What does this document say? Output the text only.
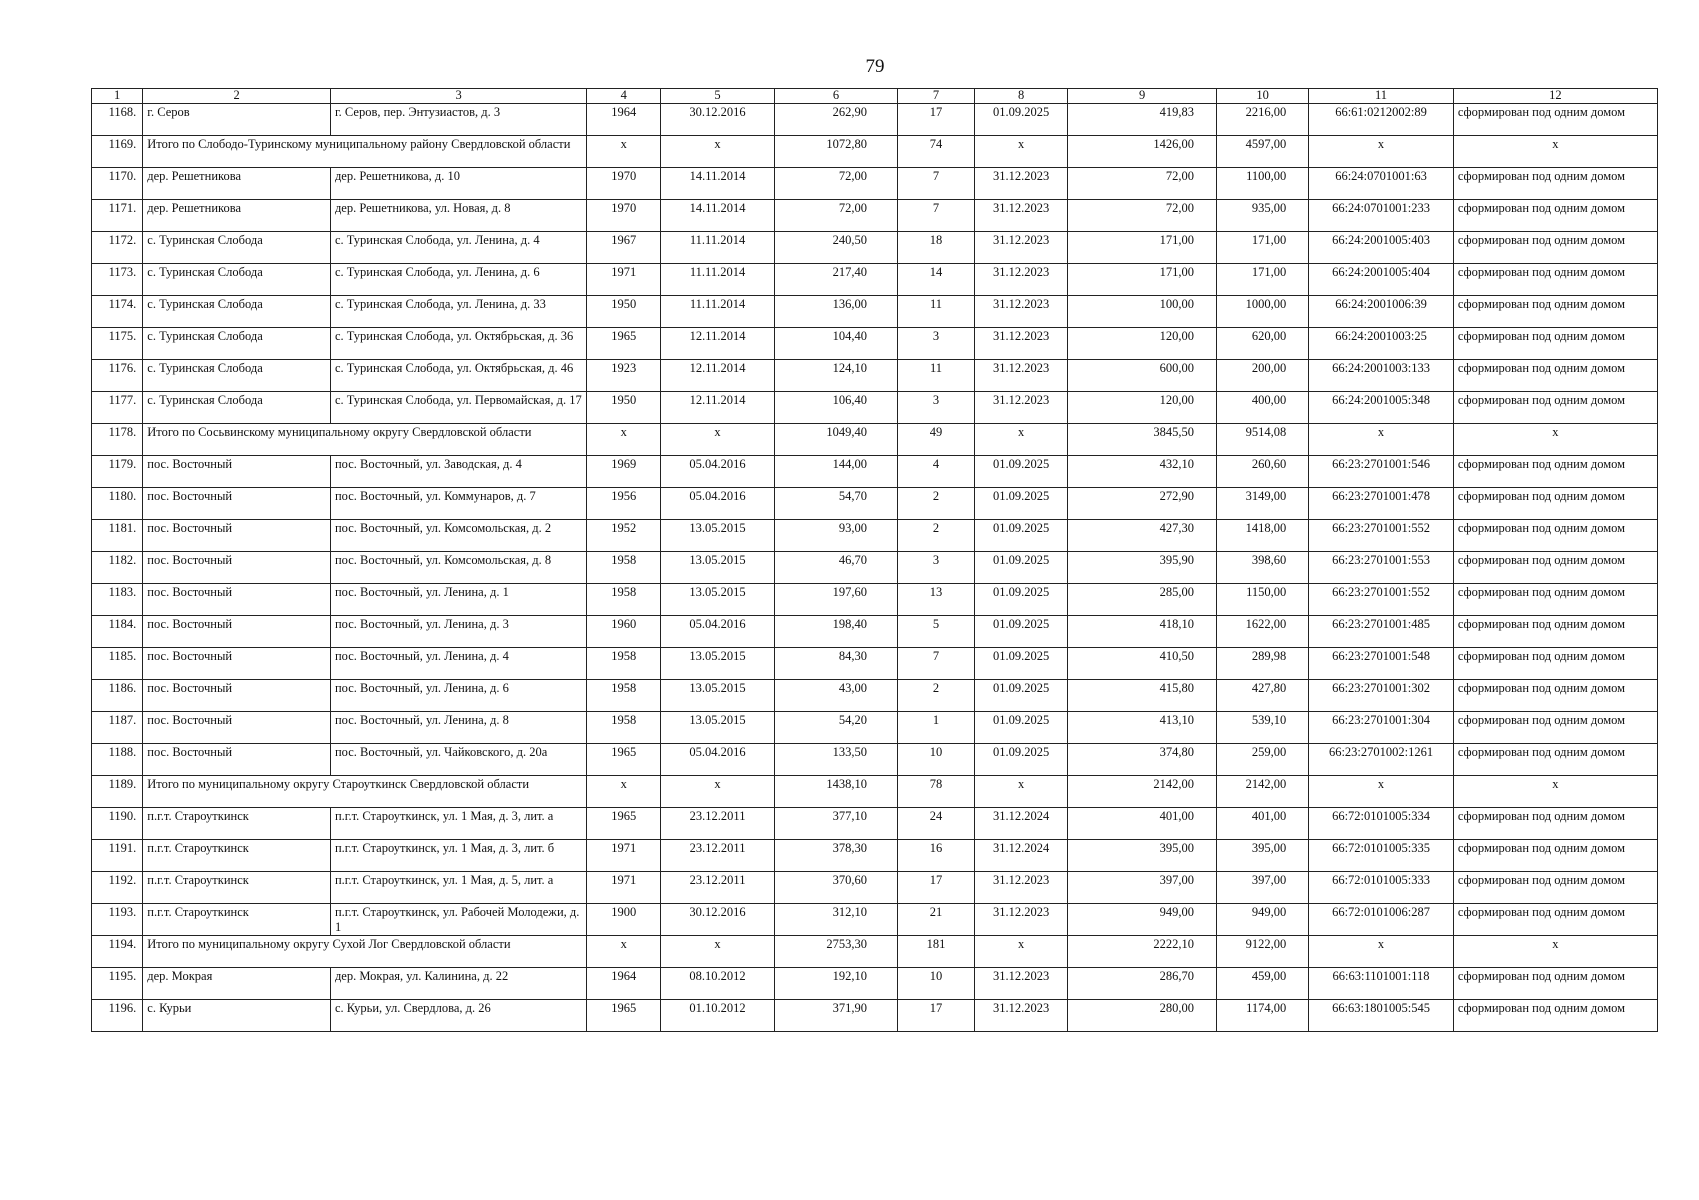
79
1	2	3	4	5	6	7	8	9	10	11	12
1168.	г. Серов	г. Серов, пер. Энтузиастов, д. 3	1964	30.12.2016	262,90	17	01.09.2025	419,83	2216,00	66:61:0212002:89	сформирован под одним домом
1169.	Итого по Слободо-Туринскому муниципальному району Свердловской области		x	x	1072,80	74	x	1426,00	4597,00	x	x
1170.	дер. Решетникова	дер. Решетникова, д. 10	1970	14.11.2014	72,00	7	31.12.2023	72,00	1100,00	66:24:0701001:63	сформирован под одним домом
1171.	дер. Решетникова	дер. Решетникова, ул. Новая, д. 8	1970	14.11.2014	72,00	7	31.12.2023	72,00	935,00	66:24:0701001:233	сформирован под одним домом
1172.	с. Туринская Слобода	с. Туринская Слобода, ул. Ленина, д. 4	1967	11.11.2014	240,50	18	31.12.2023	171,00	171,00	66:24:2001005:403	сформирован под одним домом
1173.	с. Туринская Слобода	с. Туринская Слобода, ул. Ленина, д. 6	1971	11.11.2014	217,40	14	31.12.2023	171,00	171,00	66:24:2001005:404	сформирован под одним домом
1174.	с. Туринская Слобода	с. Туринская Слобода, ул. Ленина, д. 33	1950	11.11.2014	136,00	11	31.12.2023	100,00	1000,00	66:24:2001006:39	сформирован под одним домом
1175.	с. Туринская Слобода	с. Туринская Слобода, ул. Октябрьская, д. 36	1965	12.11.2014	104,40	3	31.12.2023	120,00	620,00	66:24:2001003:25	сформирован под одним домом
1176.	с. Туринская Слобода	с. Туринская Слобода, ул. Октябрьская, д. 46	1923	12.11.2014	124,10	11	31.12.2023	600,00	200,00	66:24:2001003:133	сформирован под одним домом
1177.	с. Туринская Слобода	с. Туринская Слобода, ул. Первомайская, д. 17	1950	12.11.2014	106,40	3	31.12.2023	120,00	400,00	66:24:2001005:348	сформирован под одним домом
1178.	Итого по Сосьвинскому муниципальному округу Свердловской области		x	x	1049,40	49	x	3845,50	9514,08	x	x
1179.	пос. Восточный	пос. Восточный, ул. Заводская, д. 4	1969	05.04.2016	144,00	4	01.09.2025	432,10	260,60	66:23:2701001:546	сформирован под одним домом
1180.	пос. Восточный	пос. Восточный, ул. Коммунаров, д. 7	1956	05.04.2016	54,70	2	01.09.2025	272,90	3149,00	66:23:2701001:478	сформирован под одним домом
1181.	пос. Восточный	пос. Восточный, ул. Комсомольская, д. 2	1952	13.05.2015	93,00	2	01.09.2025	427,30	1418,00	66:23:2701001:552	сформирован под одним домом
1182.	пос. Восточный	пос. Восточный, ул. Комсомольская, д. 8	1958	13.05.2015	46,70	3	01.09.2025	395,90	398,60	66:23:2701001:553	сформирован под одним домом
1183.	пос. Восточный	пос. Восточный, ул. Ленина, д. 1	1958	13.05.2015	197,60	13	01.09.2025	285,00	1150,00	66:23:2701001:552	сформирован под одним домом
1184.	пос. Восточный	пос. Восточный, ул. Ленина, д. 3	1960	05.04.2016	198,40	5	01.09.2025	418,10	1622,00	66:23:2701001:485	сформирован под одним домом
1185.	пос. Восточный	пос. Восточный, ул. Ленина, д. 4	1958	13.05.2015	84,30	7	01.09.2025	410,50	289,98	66:23:2701001:548	сформирован под одним домом
1186.	пос. Восточный	пос. Восточный, ул. Ленина, д. 6	1958	13.05.2015	43,00	2	01.09.2025	415,80	427,80	66:23:2701001:302	сформирован под одним домом
1187.	пос. Восточный	пос. Восточный, ул. Ленина, д. 8	1958	13.05.2015	54,20	1	01.09.2025	413,10	539,10	66:23:2701001:304	сформирован под одним домом
1188.	пос. Восточный	пос. Восточный, ул. Чайковского, д. 20а	1965	05.04.2016	133,50	10	01.09.2025	374,80	259,00	66:23:2701002:1261	сформирован под одним домом
1189.	Итого по муниципальному округу Староуткинск Свердловской области		x	x	1438,10	78	x	2142,00	2142,00	x	x
1190.	п.г.т. Староуткинск	п.г.т. Староуткинск, ул. 1 Мая, д. 3, лит. а	1965	23.12.2011	377,10	24	31.12.2024	401,00	401,00	66:72:0101005:334	сформирован под одним домом
1191.	п.г.т. Староуткинск	п.г.т. Староуткинск, ул. 1 Мая, д. 3, лит. б	1971	23.12.2011	378,30	16	31.12.2024	395,00	395,00	66:72:0101005:335	сформирован под одним домом
1192.	п.г.т. Староуткинск	п.г.т. Староуткинск, ул. 1 Мая, д. 5, лит. а	1971	23.12.2011	370,60	17	31.12.2023	397,00	397,00	66:72:0101005:333	сформирован под одним домом
1193.	п.г.т. Староуткинск	п.г.т. Староуткинск, ул. Рабочей Молодежи, д. 1	1900	30.12.2016	312,10	21	31.12.2023	949,00	949,00	66:72:0101006:287	сформирован под одним домом
1194.	Итого по муниципальному округу Сухой Лог Свердловской области		x	x	2753,30	181	x	2222,10	9122,00	x	x
1195.	дер. Мокрая	дер. Мокрая, ул. Калинина, д. 22	1964	08.10.2012	192,10	10	31.12.2023	286,70	459,00	66:63:1101001:118	сформирован под одним домом
1196.	с. Курьи	с. Курьи, ул. Свердлова, д. 26	1965	01.10.2012	371,90	17	31.12.2023	280,00	1174,00	66:63:1801005:545	сформирован под одним домом
